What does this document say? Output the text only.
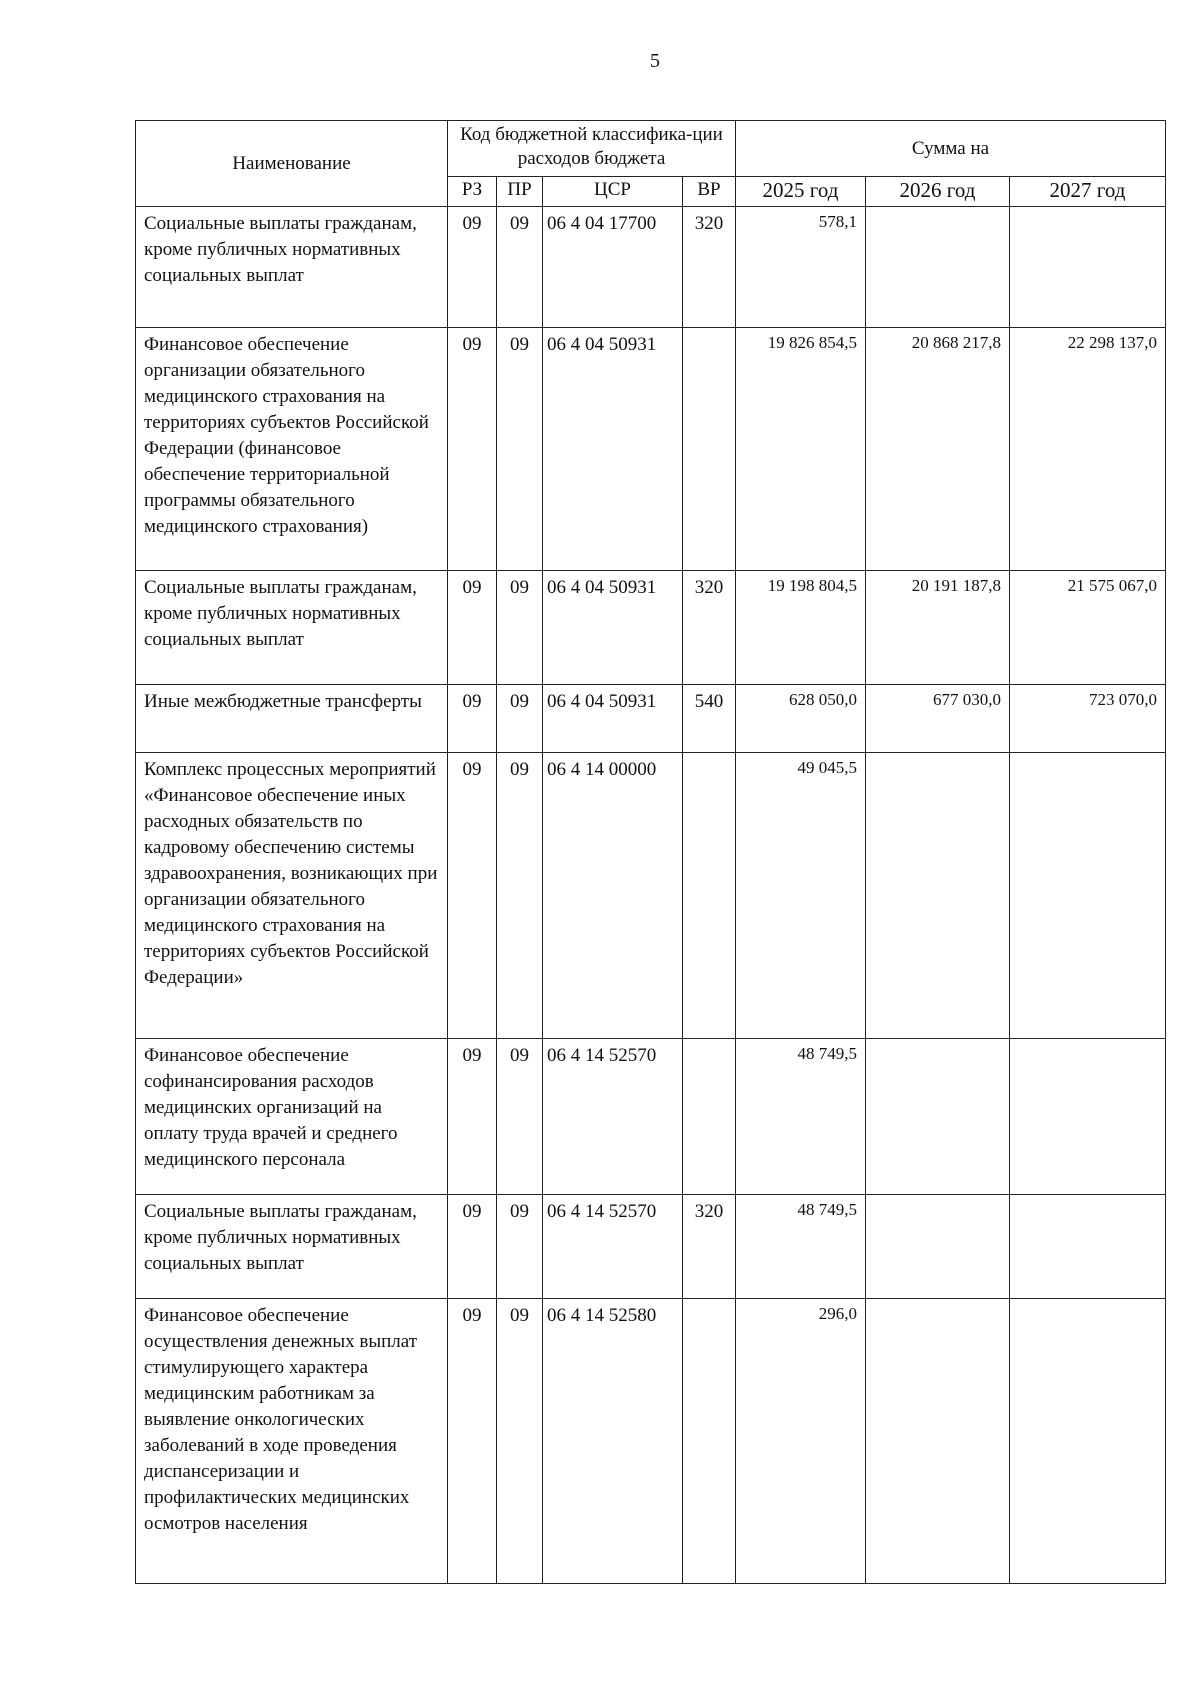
5
Наименование	Код бюджетной классифика-ции расходов бюджета				Сумма на		
	РЗ	ПР	ЦСР	ВР	2025 год	2026 год	2027 год
Социальные выплаты гражданам, кроме публичных нормативных социальных выплат	09	09	06 4 04 17700	320	578,1		
Финансовое обеспечение организации обязательного медицинского страхования на территориях субъектов Российской Федерации (финансовое обеспечение территориальной программы обязательного медицинского страхования)	09	09	06 4 04 50931		19 826 854,5	20 868 217,8	22 298 137,0
Социальные выплаты гражданам, кроме публичных нормативных социальных выплат	09	09	06 4 04 50931	320	19 198 804,5	20 191 187,8	21 575 067,0
Иные межбюджетные трансферты	09	09	06 4 04 50931	540	628 050,0	677 030,0	723 070,0
Комплекс процессных мероприятий «Финансовое обеспечение иных расходных обязательств по кадровому обеспечению системы здравоохранения, возникающих при организации обязательного медицинского страхования на территориях субъектов Российской Федерации»	09	09	06 4 14 00000		49 045,5		
Финансовое обеспечение софинансирования расходов медицинских организаций на оплату труда врачей и среднего медицинского персонала	09	09	06 4 14 52570		48 749,5		
Социальные выплаты гражданам, кроме публичных нормативных социальных выплат	09	09	06 4 14 52570	320	48 749,5		
Финансовое обеспечение осуществления денежных выплат стимулирующего характера медицинским работникам за выявление онкологических заболеваний в ходе проведения диспансеризации и профилактических медицинских осмотров населения	09	09	06 4 14 52580		296,0		
